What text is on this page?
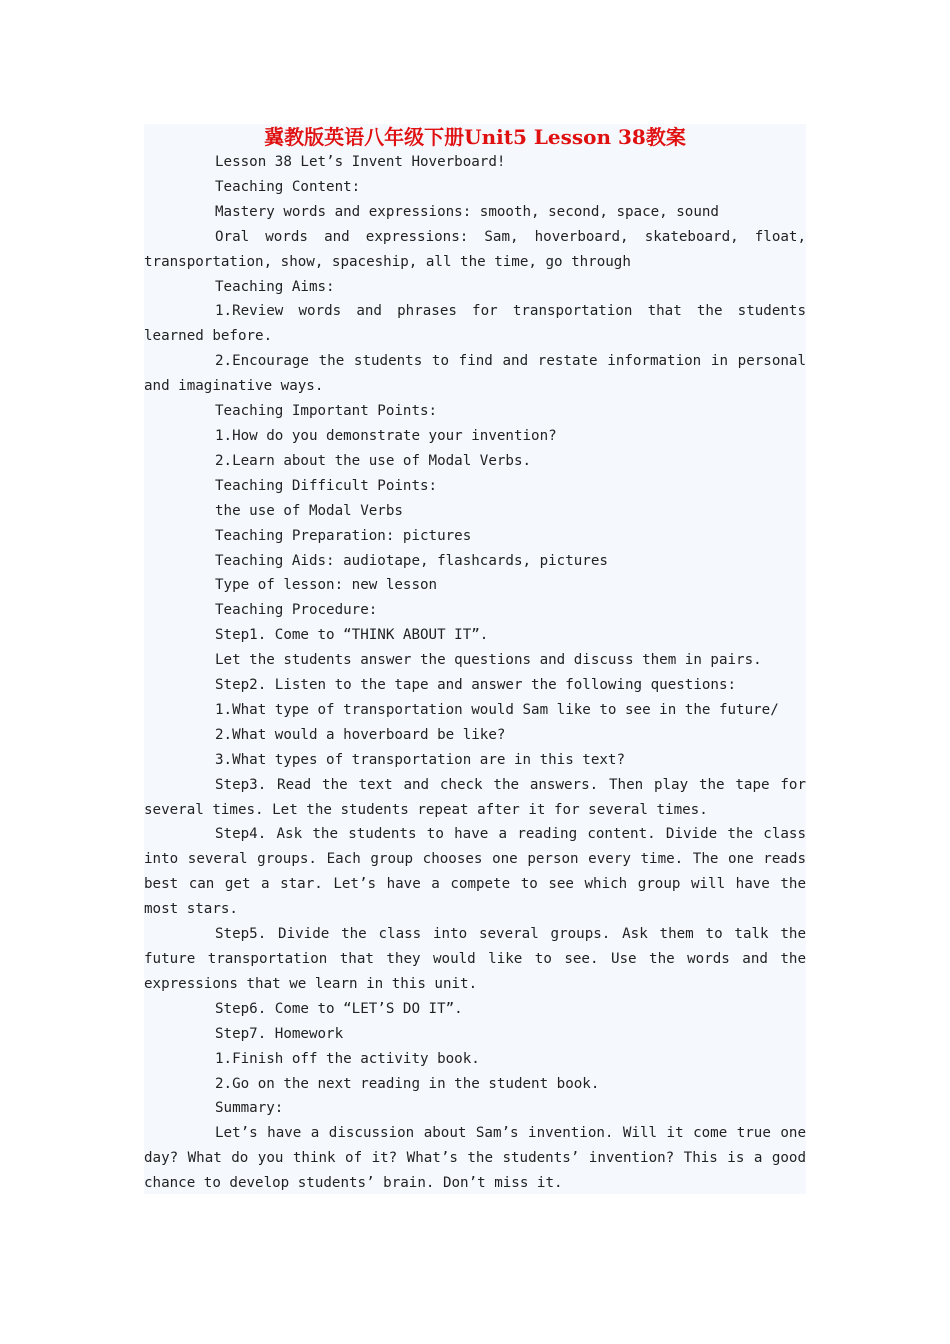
冀教版英语八年级下册Unit5 Lesson 38教案

Lesson 38 Let’s Invent Hoverboard!

Teaching Content:

Mastery words and expressions: smooth, second, space, sound

Oral words and expressions: Sam, hoverboard, skateboard, float, transportation, show, spaceship, all the time, go through

Teaching Aims:

1.Review words and phrases for transportation that the students learned before.

2.Encourage the students to find and restate information in personal and imaginative ways.

Teaching Important Points:

1.How do you demonstrate your invention?

2.Learn about the use of Modal Verbs.

Teaching Difficult Points:

the use of Modal Verbs

Teaching Preparation: pictures

Teaching Aids: audiotape, flashcards, pictures

Type of lesson: new lesson

Teaching Procedure:

Step1. Come to “THINK ABOUT IT”.

Let the students answer the questions and discuss them in pairs.

Step2. Listen to the tape and answer the following questions:

1.What type of transportation would Sam like to see in the future/

2.What would a hoverboard be like?

3.What types of transportation are in this text?

Step3. Read the text and check the answers. Then play the tape for several times. Let the students repeat after it for several times.

Step4. Ask the students to have a reading content. Divide the class into several groups. Each group chooses one person every time. The one reads best can get a star. Let’s have a compete to see which group will have the most stars.

Step5. Divide the class into several groups. Ask them to talk the future transportation that they would like to see. Use the words and the expressions that we learn in this unit.

Step6. Come to “LET’S DO IT”.

Step7. Homework

1.Finish off the activity book.

2.Go on the next reading in the student book.

Summary:

Let’s have a discussion about Sam’s invention. Will it come true one day? What do you think of it? What’s the students’ invention? This is a good chance to develop students’ brain. Don’t miss it.
